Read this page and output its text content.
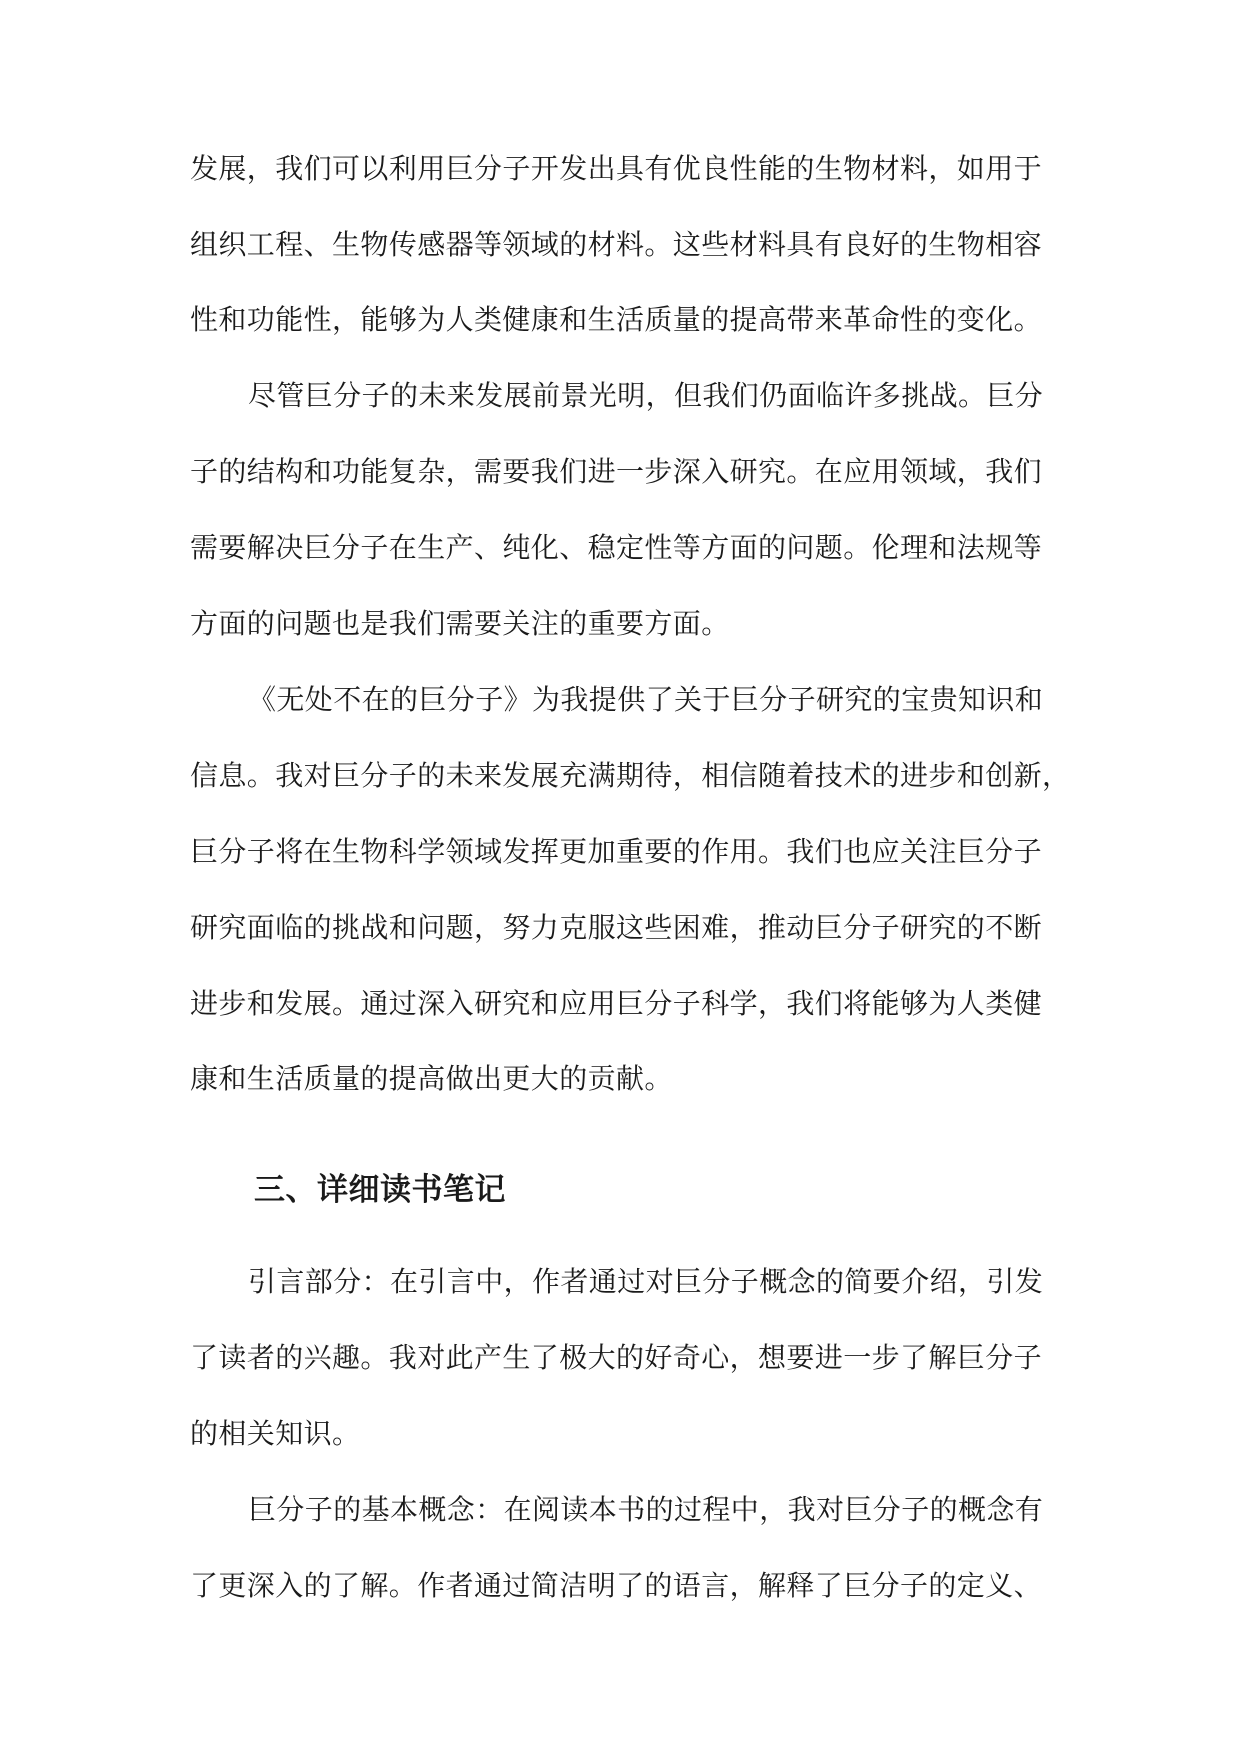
发展，我们可以利用巨分子开发出具有优良性能的生物材料，如用于
组织工程、生物传感器等领域的材料。这些材料具有良好的生物相容
性和功能性，能够为人类健康和生活质量的提高带来革命性的变化。
尽管巨分子的未来发展前景光明，但我们仍面临许多挑战。巨分
子的结构和功能复杂，需要我们进一步深入研究。在应用领域，我们
需要解决巨分子在生产、纯化、稳定性等方面的问题。伦理和法规等
方面的问题也是我们需要关注的重要方面。
《无处不在的巨分子》为我提供了关于巨分子研究的宝贵知识和
信息。我对巨分子的未来发展充满期待，相信随着技术的进步和创新，
巨分子将在生物科学领域发挥更加重要的作用。我们也应关注巨分子
研究面临的挑战和问题，努力克服这些困难，推动巨分子研究的不断
进步和发展。通过深入研究和应用巨分子科学，我们将能够为人类健
康和生活质量的提高做出更大的贡献。
三、详细读书笔记
引言部分：在引言中，作者通过对巨分子概念的简要介绍，引发
了读者的兴趣。我对此产生了极大的好奇心，想要进一步了解巨分子
的相关知识。
巨分子的基本概念：在阅读本书的过程中，我对巨分子的概念有
了更深入的了解。作者通过简洁明了的语言，解释了巨分子的定义、
